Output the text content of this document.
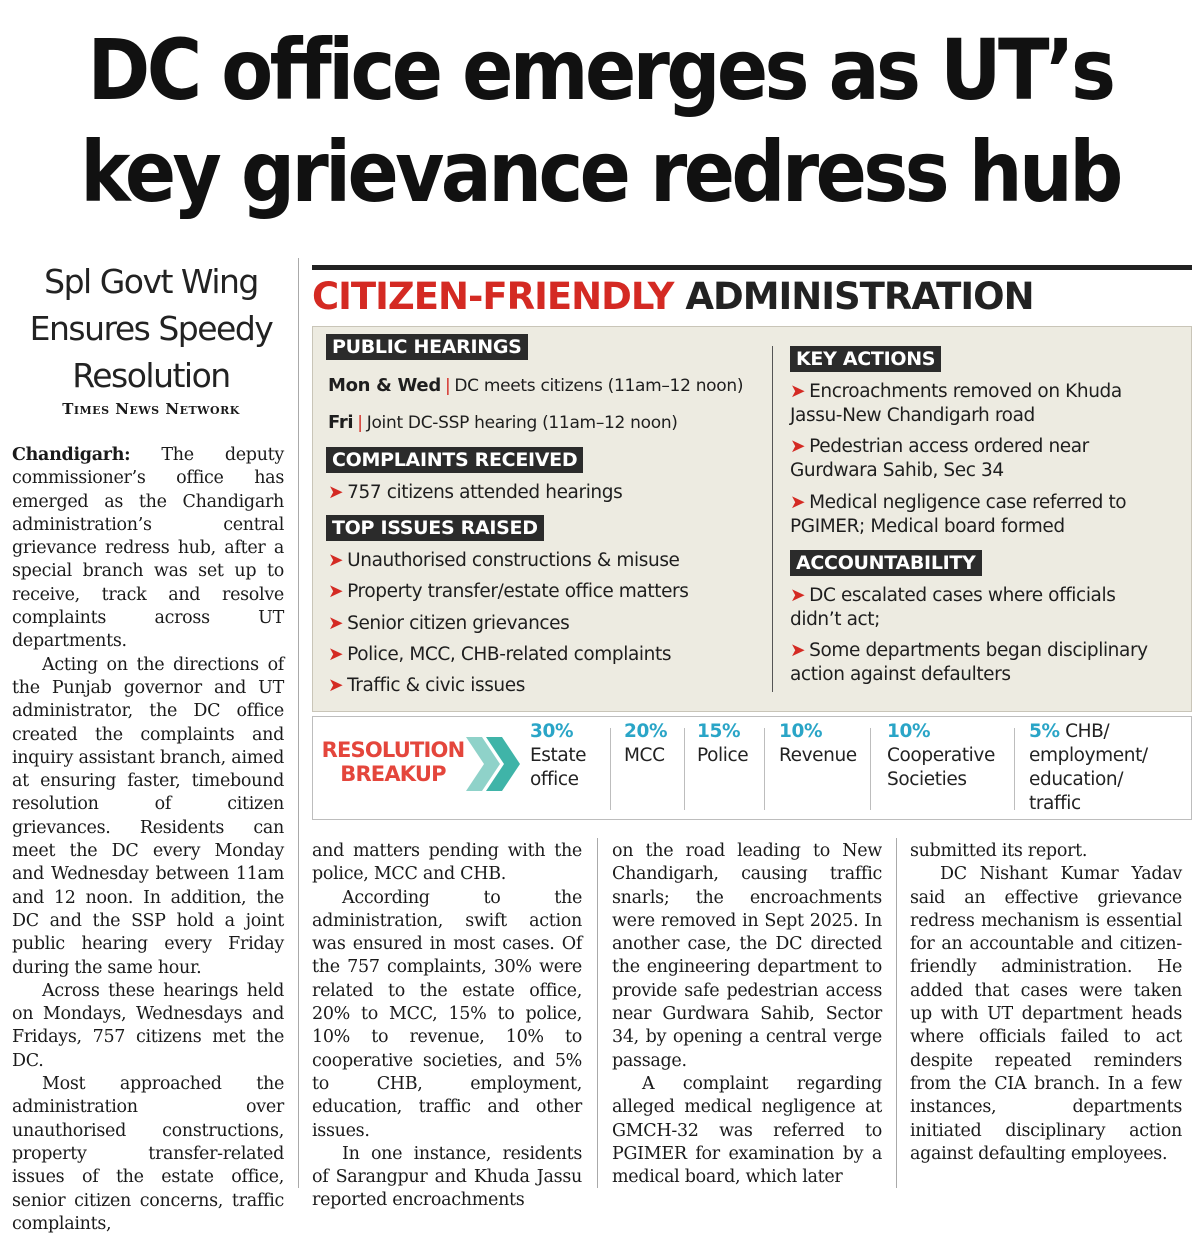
DC office emerges as UT’s
key grievance redress hub
Spl Govt Wing
Ensures Speedy
Resolution
Times News Network
CITIZEN-FRIENDLY ADMINISTRATION
PUBLIC HEARINGS
Mon & Wed | DC meets citizens (11am–12 noon)
Fri | Joint DC-SSP hearing (11am–12 noon)
COMPLAINTS RECEIVED
➤ 757 citizens attended hearings
TOP ISSUES RAISED
➤ Unauthorised constructions & misuse
➤ Property transfer/estate office matters
➤ Senior citizen grievances
➤ Police, MCC, CHB-related complaints
➤ Traffic & civic issues
KEY ACTIONS
➤ Encroachments removed on Khuda Jassu-New Chandigarh road
➤ Pedestrian access ordered near Gurdwara Sahib, Sec 34
➤ Medical negligence case referred to PGIMER; Medical board formed
ACCOUNTABILITY
➤ DC escalated cases where officials didn’t act;
➤ Some departments began disciplinary action against defaulters
RESOLUTION
BREAKUP
30%
Estate office
20%
MCC
15%
Police
10%
Revenue
10%
Cooperative Societies
5% CHB/ employment/ education/ traffic

Chandigarh: The deputy commissioner’s office has emerged as the Chandigarh administration’s central grievance redress hub, after a special branch was set up to receive, track and resolve complaints across UT departments.

Acting on the directions of the Punjab governor and UT administrator, the DC office created the complaints and inquiry assistant branch, aimed at ensuring faster, timebound resolution of citizen grievances. Residents can meet the DC every Monday and Wednesday between 11am and 12 noon. In addition, the DC and the SSP hold a joint public hearing every Friday during the same hour.

Across these hearings held on Mondays, Wednesdays and Fridays, 757 citizens met the DC.

Most approached the administration over unauthorised constructions, property transfer-related issues of the estate office, senior citizen concerns, traffic complaints,

and matters pending with the police, MCC and CHB.

According to the administration, swift action was ensured in most cases. Of the 757 complaints, 30% were related to the estate office, 20% to MCC, 15% to police, 10% to revenue, 10% to cooperative societies, and 5% to CHB, employment, education, traffic and other issues.

In one instance, residents of Sarangpur and Khuda Jassu reported encroachments

on the road leading to New Chandigarh, causing traffic snarls; the encroachments were removed in Sept 2025. In another case, the DC directed the engineering department to provide safe pedestrian access near Gurdwara Sahib, Sector 34, by opening a central verge passage.

A complaint regarding alleged medical negligence at GMCH-32 was referred to PGIMER for examination by a medical board, which later

submitted its report.

DC Nishant Kumar Yadav said an effective grievance redress mechanism is essential for an accountable and citizen-friendly administration. He added that cases were taken up with UT department heads where officials failed to act despite repeated reminders from the CIA branch. In a few instances, departments initiated disciplinary action against defaulting employees.
